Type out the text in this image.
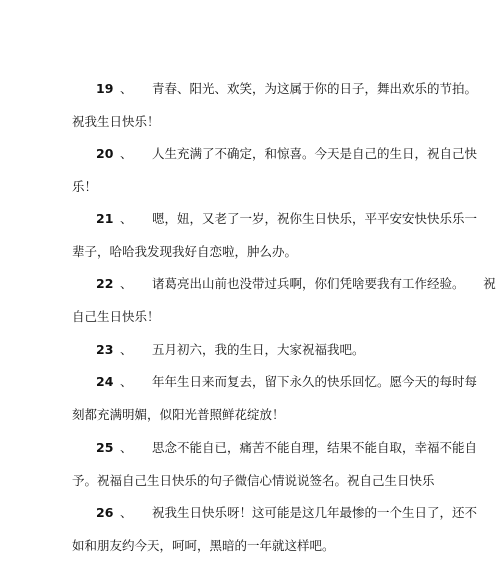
19 、 青春、阳光、欢笑，为这属于你的日子，舞出欢乐的节拍。
祝我生日快乐！
20 、 人生充满了不确定，和惊喜。今天是自己的生日，祝自己快
乐！
21 、 嗯，妞，又老了一岁，祝你生日快乐，平平安安快快乐乐一
辈子，哈哈我发现我好自恋啦，肿么办。
22 、 诸葛亮出山前也没带过兵啊，你们凭啥要我有工作经验。　　祝
自己生日快乐！
23 、 五月初六，我的生日，大家祝福我吧。
24 、 年年生日来而复去，留下永久的快乐回忆。愿今天的每时每
刻都充满明媚，似阳光普照鲜花绽放！
25 、 思念不能自已，痛苦不能自理，结果不能自取，幸福不能自
予。祝福自己生日快乐的句子微信心情说说签名。祝自己生日快乐
26 、 祝我生日快乐呀！这可能是这几年最惨的一个生日了，还不
如和朋友约今天，呵呵，黑暗的一年就这样吧。
